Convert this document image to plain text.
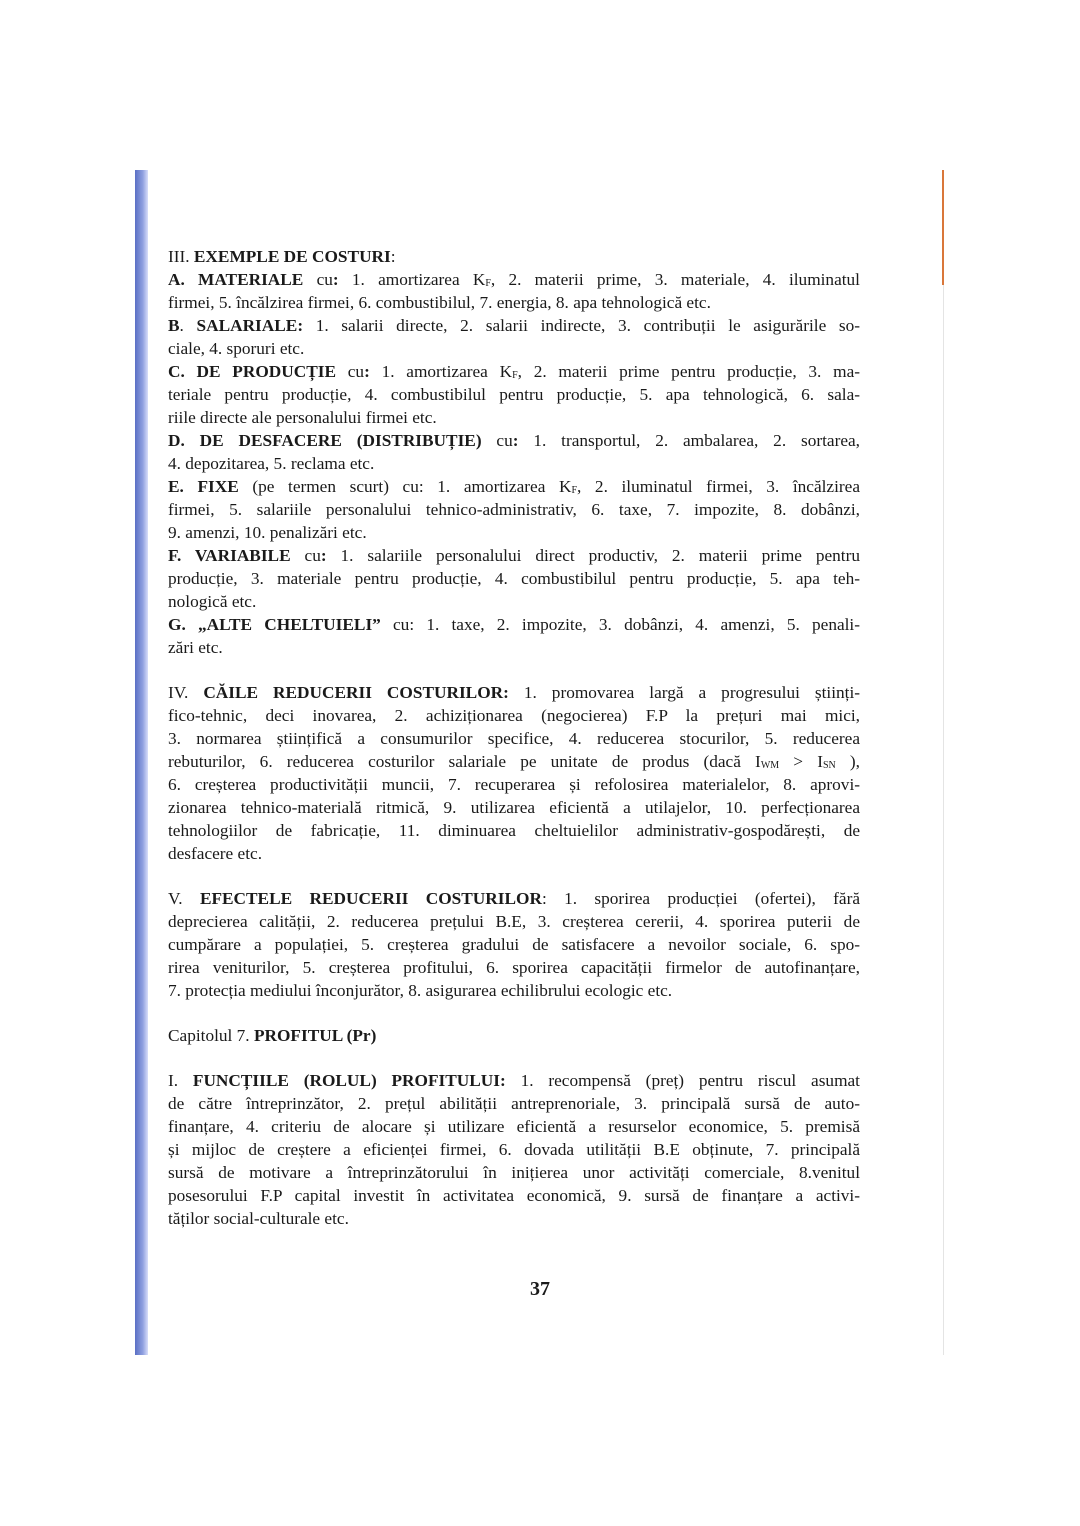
III. EXEMPLE DE COSTURI:
A. MATERIALE cu: 1. amortizarea $K_F$, 2. materii prime, 3. materiale, 4. iluminatul
firmei, 5. încălzirea firmei, 6. combustibilul, 7. energia, 8. apa tehnologică etc.
B. SALARIALE: 1. salarii directe, 2. salarii indirecte, 3. contribuții le asigurările so-
ciale, 4. sporuri etc.
C. DE PRODUCȚIE cu: 1. amortizarea $K_F$, 2. materii prime pentru producție, 3. ma-
teriale pentru producție, 4. combustibilul pentru producție, 5. apa tehnologică, 6. sala-
riile directe ale personalului firmei etc.
D. DE DESFACERE (DISTRIBUȚIE) cu: 1. transportul, 2. ambalarea, 2. sortarea,
4. depozitarea, 5. reclama etc.
E. FIXE (pe termen scurt) cu: 1. amortizarea $K_F$, 2. iluminatul firmei, 3. încălzirea
firmei, 5. salariile personalului tehnico-administrativ, 6. taxe, 7. impozite, 8. dobânzi,
9. amenzi, 10. penalizări etc.
F. VARIABILE cu: 1. salariile personalului direct productiv, 2. materii prime pentru
producție, 3. materiale pentru producție, 4. combustibilul pentru producție, 5. apa teh-
nologică etc.
G. „ALTE CHELTUIELI” cu: 1. taxe, 2. impozite, 3. dobânzi, 4. amenzi, 5. penali-
zări etc.
IV. CĂILE REDUCERII COSTURILOR: 1. promovarea largă a progresului științi-
fico-tehnic, deci inovarea, 2. achiziționarea (negocierea) F.P la prețuri mai mici,
3. normarea științifică a consumurilor specifice, 4. reducerea stocurilor, 5. reducerea
rebuturilor, 6. reducerea costurilor salariale pe unitate de produs (dacă $I_{WM} > I_{SN}$ ),
6. creșterea productivității muncii, 7. recuperarea și refolosirea materialelor, 8. aprovi-
zionarea tehnico-materială ritmică, 9. utilizarea eficientă a utilajelor, 10. perfecționarea
tehnologiilor de fabricație, 11. diminuarea cheltuielilor administrativ-gospodărești, de
desfacere etc.
V. EFECTELE REDUCERII COSTURILOR: 1. sporirea producției (ofertei), fără
deprecierea calității, 2. reducerea prețului B.E, 3. creșterea cererii, 4. sporirea puterii de
cumpărare a populației, 5. creșterea gradului de satisfacere a nevoilor sociale, 6. spo-
rirea veniturilor, 5. creșterea profitului, 6. sporirea capacității firmelor de autofinanțare,
7. protecția mediului înconjurător, 8. asigurarea echilibrului ecologic etc.
Capitolul 7. PROFITUL (Pr)
I. FUNCȚIILE (ROLUL) PROFITULUI: 1. recompensă (preț) pentru riscul asumat
de către întreprinzător, 2. prețul abilității antreprenoriale, 3. principală sursă de auto-
finanțare, 4. criteriu de alocare și utilizare eficientă a resurselor economice, 5. premisă
și mijloc de creștere a eficienței firmei, 6. dovada utilității B.E obținute, 7. principală
sursă de motivare a întreprinzătorului în inițierea unor activități comerciale, 8.venitul
posesorului F.P capital investit în activitatea economică, 9. sursă de finanțare a activi-
tăților social-culturale etc.
37
